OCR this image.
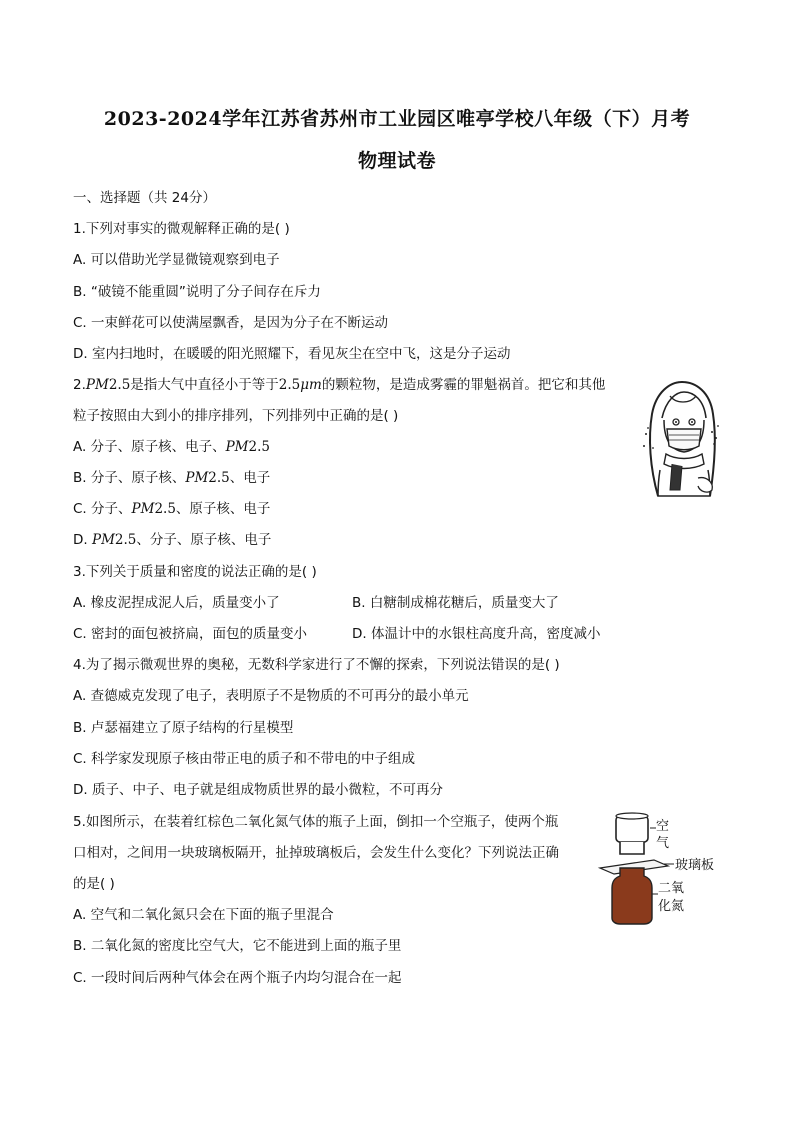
2023-2024学年江苏省苏州市工业园区唯亭学校八年级（下）月考
物理试卷
一、选择题（共 24分）
1.下列对事实的微观解释正确的是( )
A. 可以借助光学显微镜观察到电子
B. “破镜不能重圆”说明了分子间存在斥力
C. 一束鲜花可以使满屋飘香，是因为分子在不断运动
D. 室内扫地时，在暖暖的阳光照耀下，看见灰尘在空中飞，这是分子运动
2.PM2.5是指大气中直径小于等于2.5μm的颗粒物，是造成雾霾的罪魁祸首。把它和其他
粒子按照由大到小的排序排列，下列排列中正确的是( )
A. 分子、原子核、电子、PM2.5
B. 分子、原子核、PM2.5、电子
C. 分子、PM2.5、原子核、电子
D. PM2.5、分子、原子核、电子
3.下列关于质量和密度的说法正确的是( )
A. 橡皮泥捏成泥人后，质量变小了	B. 白糖制成棉花糖后，质量变大了
C. 密封的面包被挤扁，面包的质量变小	D. 体温计中的水银柱高度升高，密度减小
4.为了揭示微观世界的奥秘，无数科学家进行了不懈的探索，下列说法错误的是( )
A. 查德威克发现了电子，表明原子不是物质的不可再分的最小单元
B. 卢瑟福建立了原子结构的行星模型
C. 科学家发现原子核由带正电的质子和不带电的中子组成
D. 质子、中子、电子就是组成物质世界的最小微粒，不可再分
5.如图所示，在装着红棕色二氧化氮气体的瓶子上面，倒扣一个空瓶子，使两个瓶
口相对，之间用一块玻璃板隔开，扯掉玻璃板后，会发生什么变化？下列说法正确
的是( )
A. 空气和二氧化氮只会在下面的瓶子里混合
B. 二氧化氮的密度比空气大，它不能进到上面的瓶子里
C. 一段时间后两种气体会在两个瓶子内均匀混合在一起
空
气
玻璃板
二氧
化氮
